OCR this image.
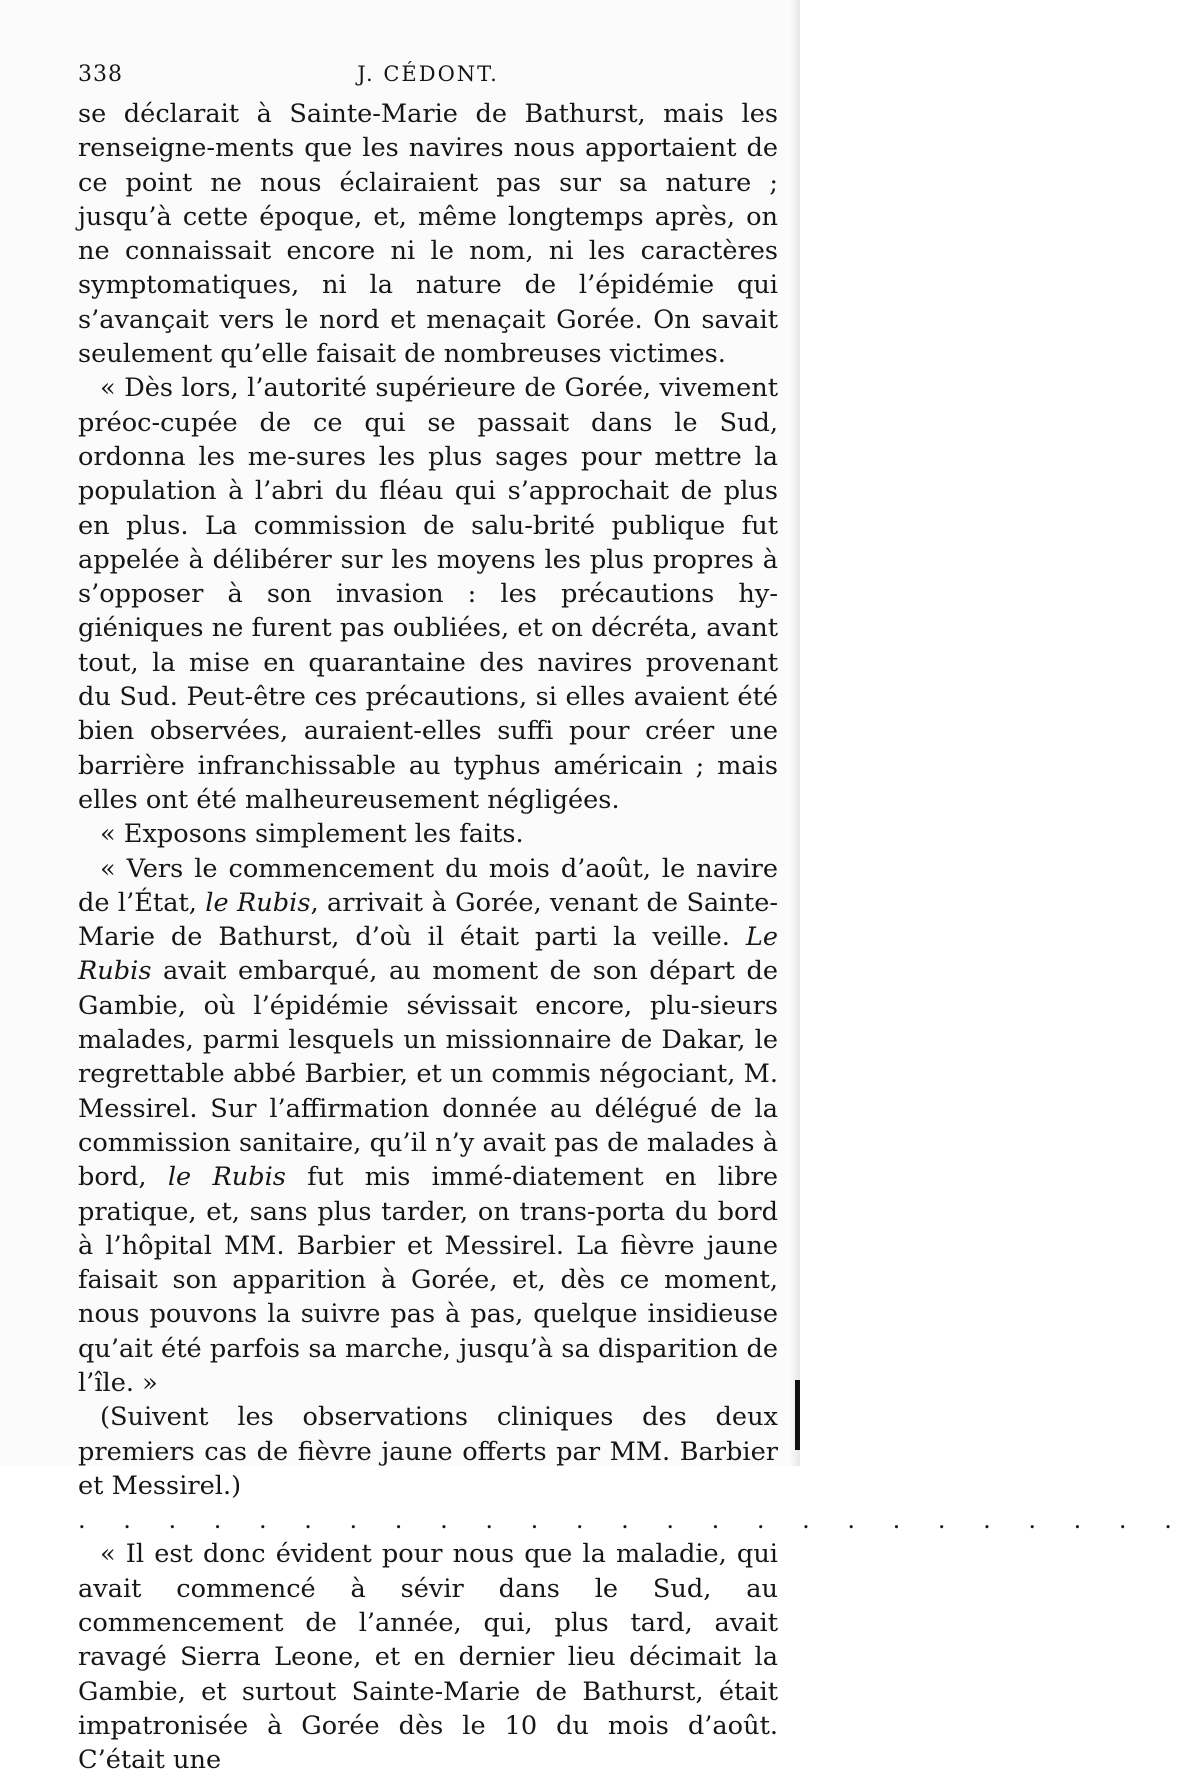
338	J. CÉDONT.

se déclarait à Sainte-Marie de Bathurst, mais les renseigne-ments que les navires nous apportaient de ce point ne nous éclairaient pas sur sa nature ; jusqu’à cette époque, et, même longtemps après, on ne connaissait encore ni le nom, ni les caractères symptomatiques, ni la nature de l’épidémie qui s’avançait vers le nord et menaçait Gorée. On savait seulement qu’elle faisait de nombreuses victimes.

« Dès lors, l’autorité supérieure de Gorée, vivement préoc-cupée de ce qui se passait dans le Sud, ordonna les me-sures les plus sages pour mettre la population à l’abri du fléau qui s’approchait de plus en plus. La commission de salu-brité publique fut appelée à délibérer sur les moyens les plus propres à s’opposer à son invasion : les précautions hy-giéniques ne furent pas oubliées, et on décréta, avant tout, la mise en quarantaine des navires provenant du Sud. Peut-être ces précautions, si elles avaient été bien observées, auraient-elles suffi pour créer une barrière infranchissable au typhus américain ; mais elles ont été malheureusement négligées.

« Exposons simplement les faits.

« Vers le commencement du mois d’août, le navire de l’État, le Rubis, arrivait à Gorée, venant de Sainte-Marie de Bathurst, d’où il était parti la veille. Le Rubis avait embarqué, au moment de son départ de Gambie, où l’épidémie sévissait encore, plu-sieurs malades, parmi lesquels un missionnaire de Dakar, le regrettable abbé Barbier, et un commis négociant, M. Messirel. Sur l’affirmation donnée au délégué de la commission sanitaire, qu’il n’y avait pas de malades à bord, le Rubis fut mis immé-diatement en libre pratique, et, sans plus tarder, on trans-porta du bord à l’hôpital MM. Barbier et Messirel. La fièvre jaune faisait son apparition à Gorée, et, dès ce moment, nous pouvons la suivre pas à pas, quelque insidieuse qu’ait été parfois sa marche, jusqu’à sa disparition de l’île. »

(Suivent les observations cliniques des deux premiers cas de fièvre jaune offerts par MM. Barbier et Messirel.)

. . . . . . . . . . . . . . . . . . . . . . . . .

« Il est donc évident pour nous que la maladie, qui avait commencé à sévir dans le Sud, au commencement de l’année, qui, plus tard, avait ravagé Sierra Leone, et en dernier lieu décimait la Gambie, et surtout Sainte-Marie de Bathurst, était impatronisée à Gorée dès le 10 du mois d’août. C’était une
